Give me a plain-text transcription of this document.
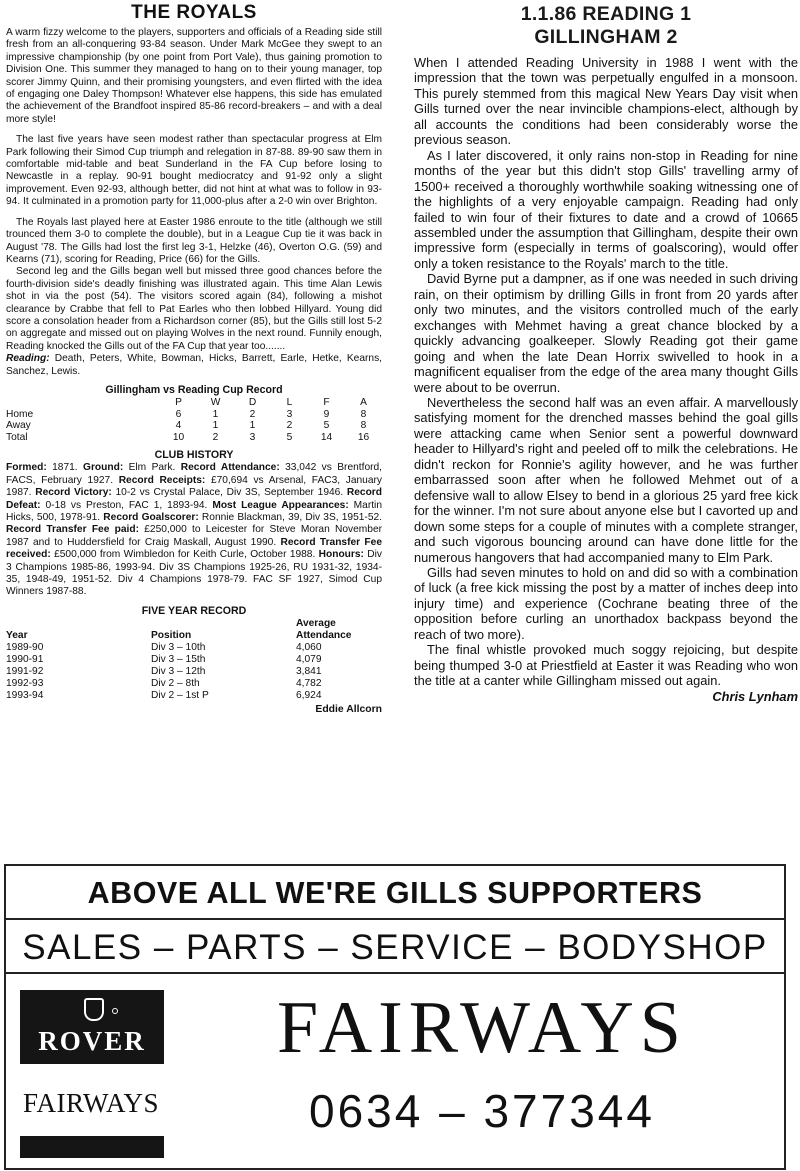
THE ROYALS

A warm fizzy welcome to the players, supporters and officials of a Reading side still fresh from an all-conquering 93-84 season. Under Mark McGee they swept to an impressive championship (by one point from Port Vale), thus gaining promotion to Division One. This summer they managed to hang on to their young manager, top scorer Jimmy Quinn, and their promising youngsters, and even flirted with the idea of engaging one Daley Thompson! Whatever else happens, this side has emulated the achievement of the Brandfoot inspired 85-86 record-breakers – and with a deal more style!

The last five years have seen modest rather than spectacular progress at Elm Park following their Simod Cup triumph and relegation in 87-88. 89-90 saw them in comfortable mid-table and beat Sunderland in the FA Cup before losing to Newcastle in a replay. 90-91 bought mediocratcy and 91-92 only a slight improvement. Even 92-93, although better, did not hint at what was to follow in 93-94. It culminated in a promotion party for 11,000-plus after a 2-0 win over Brighton.

The Royals last played here at Easter 1986 enroute to the title (although we still trounced them 3-0 to complete the double), but in a League Cup tie it was back in August '78. The Gills had lost the first leg 3-1, Helzke (46), Overton O.G. (59) and Kearns (71), scoring for Reading, Price (66) for the Gills.

Second leg and the Gills began well but missed three good chances before the fourth-division side's deadly finishing was illustrated again. This time Alan Lewis shot in via the post (54). The visitors scored again (84), following a mishot clearance by Crabbe that fell to Pat Earles who then lobbed Hillyard. Young did score a consolation header from a Richardson corner (85), but the Gills still lost 5-2 on aggregate and missed out on playing Wolves in the next round. Funnily enough, Reading knocked the Gills out of the FA Cup that year too.......

Reading: Death, Peters, White, Bowman, Hicks, Barrett, Earle, Hetke, Kearns, Sanchez, Lewis.

Gillingham vs Reading Cup Record
	P	W	D	L	F	A
Home	6	1	2	3	9	8
Away	4	1	1	2	5	8
Total	10	2	3	5	14	16
CLUB HISTORY

Formed: 1871. Ground: Elm Park. Record Attendance: 33,042 vs Brentford, FACS, February 1927. Record Receipts: £70,694 vs Arsenal, FAC3, January 1987. Record Victory: 10-2 vs Crystal Palace, Div 3S, September 1946. Record Defeat: 0-18 vs Preston, FAC 1, 1893-94. Most League Appearances: Martin Hicks, 500, 1978-91. Record Goalscorer: Ronnie Blackman, 39, Div 3S, 1951-52. Record Transfer Fee paid: £250,000 to Leicester for Steve Moran November 1987 and to Huddersfield for Craig Maskall, August 1990. Record Transfer Fee received: £500,000 from Wimbledon for Keith Curle, October 1988. Honours: Div 3 Champions 1985-86, 1993-94. Div 3S Champions 1925-26, RU 1931-32, 1934-35, 1948-49, 1951-52. Div 4 Champions 1978-79. FAC SF 1927, Simod Cup Winners 1987-88.

FIVE YEAR RECORD
Year	Position	Average
Attendance
1989-90	Div 3 – 10th	4,060
1990-91	Div 3 – 15th	4,079
1991-92	Div 3 – 12th	3,841
1992-93	Div 2 – 8th	4,782
1993-94	Div 2 – 1st P	6,924
Eddie Allcorn
1.1.86 READING 1
GILLINGHAM 2

When I attended Reading University in 1988 I went with the impression that the town was perpetually engulfed in a monsoon. This purely stemmed from this magical New Years Day visit when Gills turned over the near invincible champions-elect, although by all accounts the conditions had been considerably worse the previous season.

As I later discovered, it only rains non-stop in Reading for nine months of the year but this didn't stop Gills' travelling army of 1500+ received a thoroughly worthwhile soaking witnessing one of the highlights of a very enjoyable campaign. Reading had only failed to win four of their fixtures to date and a crowd of 10665 assembled under the assumption that Gillingham, despite their own impressive form (especially in terms of goalscoring), would offer only a token resistance to the Royals' march to the title.

David Byrne put a dampner, as if one was needed in such driving rain, on their optimism by drilling Gills in front from 20 yards after only two minutes, and the visitors controlled much of the early exchanges with Mehmet having a great chance blocked by a quickly advancing goalkeeper. Slowly Reading got their game going and when the late Dean Horrix swivelled to hook in a magnificent equaliser from the edge of the area many thought Gills were about to be overrun.

Nevertheless the second half was an even affair. A marvellously satisfying moment for the drenched masses behind the goal gills were attacking came when Senior sent a powerful downward header to Hillyard's right and peeled off to milk the celebrations. He didn't reckon for Ronnie's agility however, and he was further embarrassed soon after when he followed Mehmet out of a defensive wall to allow Elsey to bend in a glorious 25 yard free kick for the winner. I'm not sure about anyone else but I cavorted up and down some steps for a couple of minutes with a complete stranger, and such vigorous bouncing around can have done little for the numerous hangovers that had accompanied many to Elm Park.

Gills had seven minutes to hold on and did so with a combination of luck (a free kick missing the post by a matter of inches deep into injury time) and experience (Cochrane beating three of the opposition before curling an unorthadox backpass beyond the reach of two more).

The final whistle provoked much soggy rejoicing, but despite being thumped 3-0 at Priestfield at Easter it was Reading who won the title at a canter while Gillingham missed out again.
Chris Lynham

ABOVE ALL WE'RE GILLS SUPPORTERS
SALES – PARTS – SERVICE – BODYSHOP
ROVER
FAIRWAYS
FAIRWAYS
0634 – 377344
